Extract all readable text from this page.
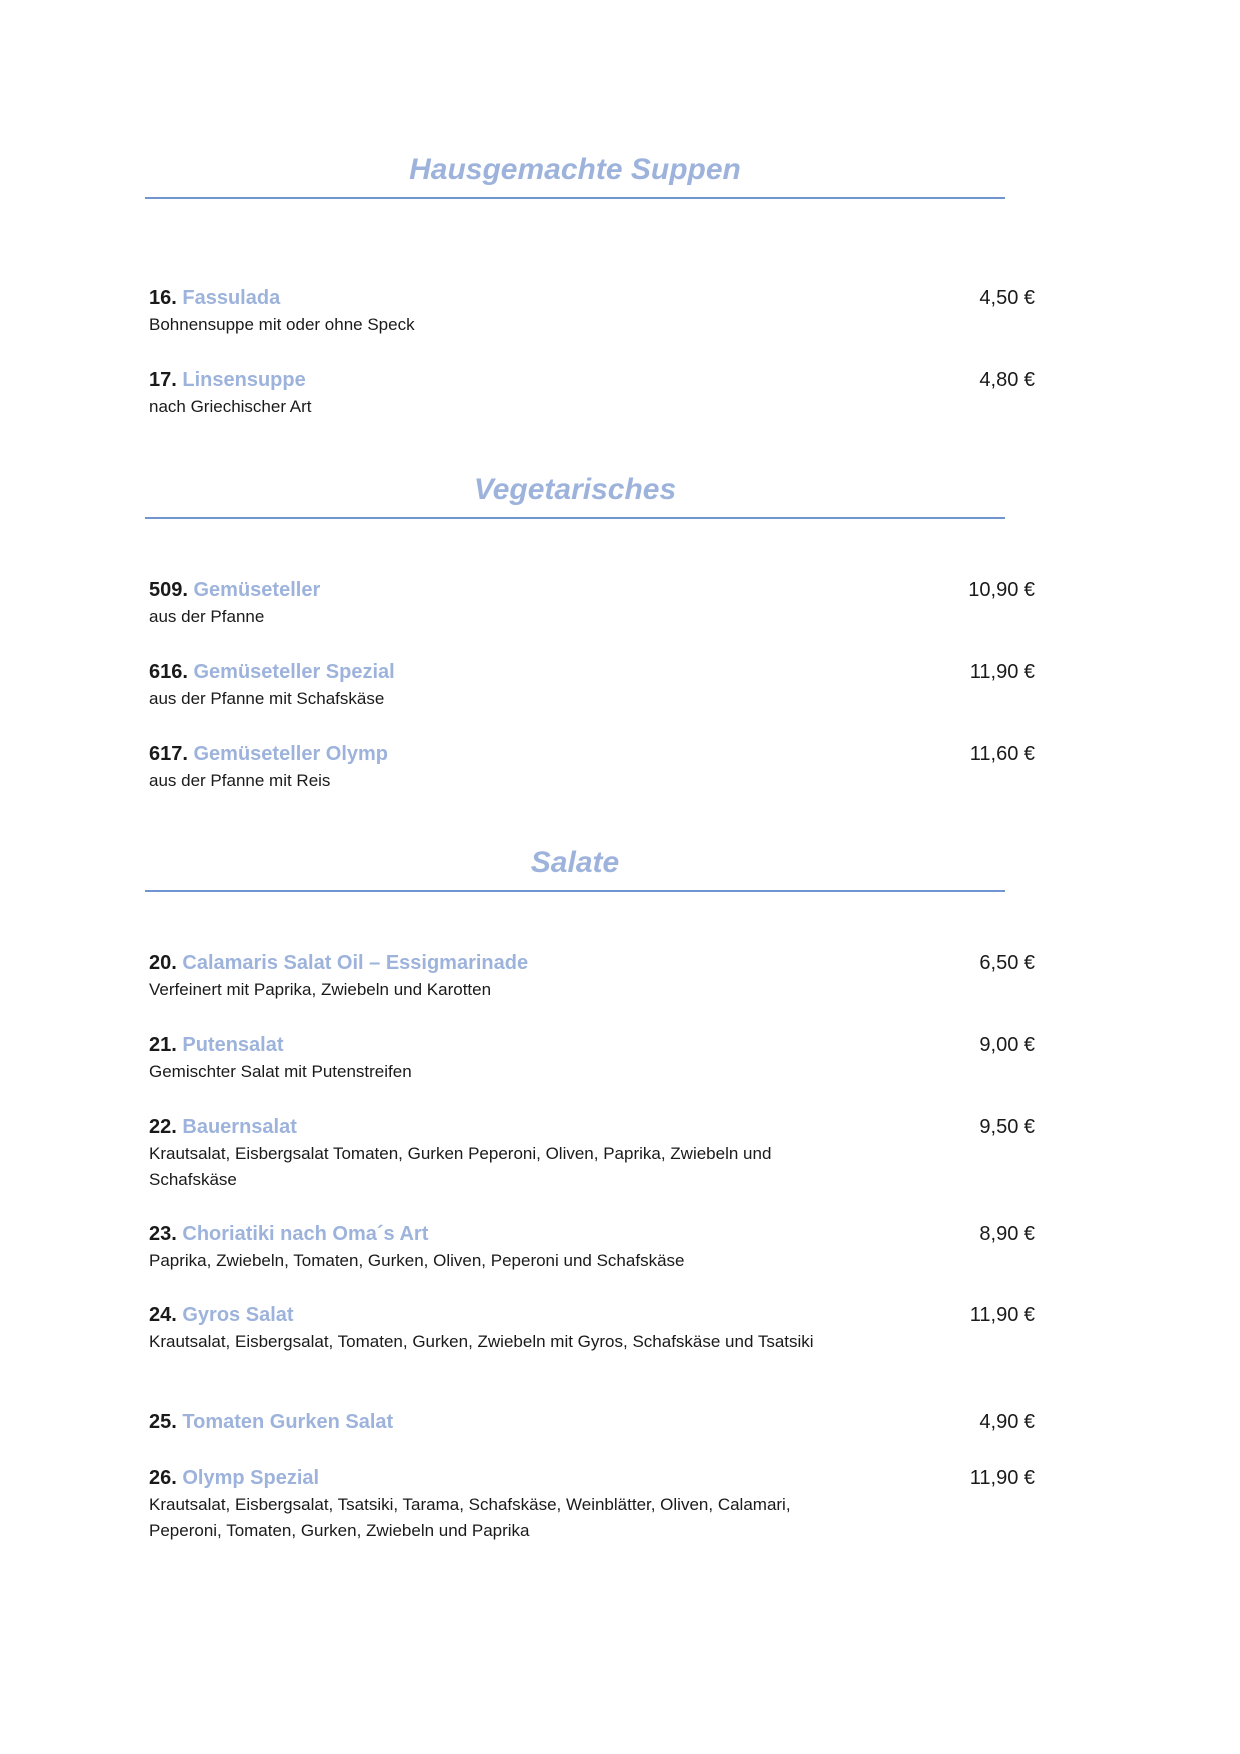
Hausgemachte Suppen
16. Fassulada	4,50 €
Bohnensuppe mit oder ohne Speck
17. Linsensuppe	4,80 €
nach Griechischer Art
Vegetarisches
509. Gemüseteller	10,90 €
aus der Pfanne
616. Gemüseteller Spezial	11,90 €
aus der Pfanne mit Schafskäse
617. Gemüseteller Olymp	11,60 €
aus der Pfanne mit Reis
Salate
20. Calamaris Salat Oil – Essigmarinade	6,50 €
Verfeinert mit Paprika, Zwiebeln und Karotten
21. Putensalat	9,00 €
Gemischter Salat mit Putenstreifen
22. Bauernsalat	9,50 €
Krautsalat, Eisbergsalat Tomaten, Gurken Peperoni, Oliven, Paprika, Zwiebeln und Schafskäse
23. Choriatiki nach Oma´s Art	8,90 €
Paprika, Zwiebeln, Tomaten, Gurken, Oliven, Peperoni und Schafskäse
24. Gyros Salat	11,90 €
Krautsalat, Eisbergsalat, Tomaten, Gurken, Zwiebeln mit Gyros, Schafskäse und Tsatsiki
25. Tomaten Gurken Salat	4,90 €
26. Olymp Spezial	11,90 €
Krautsalat, Eisbergsalat, Tsatsiki, Tarama, Schafskäse, Weinblätter, Oliven, Calamari, Peperoni, Tomaten, Gurken, Zwiebeln und Paprika
